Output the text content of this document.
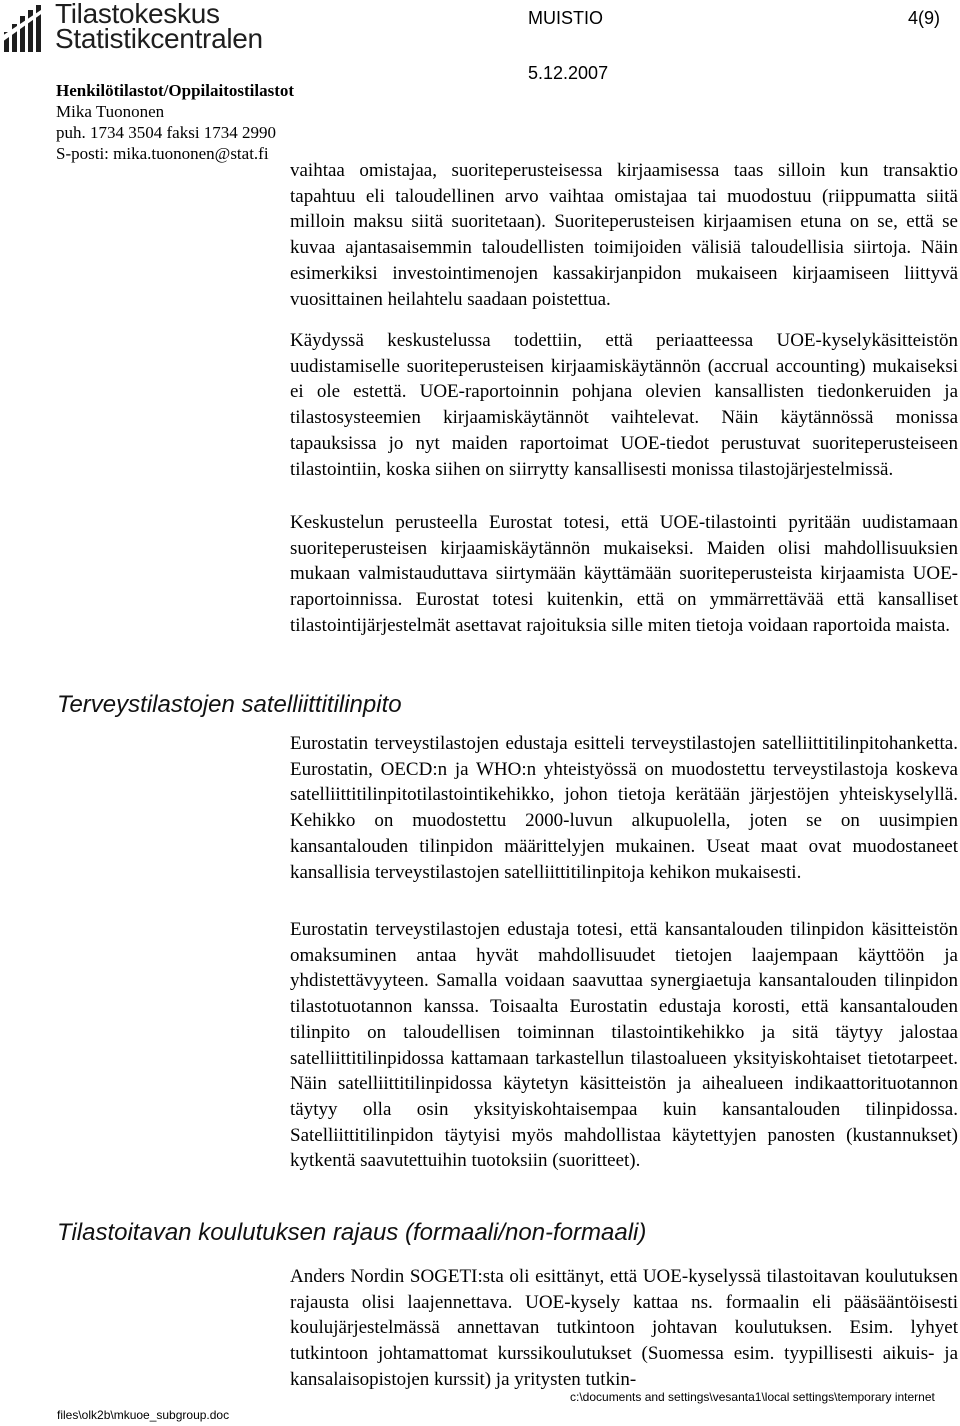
Tilastokeskus
Statistikcentralen
MUISTIO	4(9)
5.12.2007
Henkilötilastot/Oppilaitostilastot
Mika Tuononen
puh. 1734 3504 faksi 1734 2990
S-posti: mika.tuononen@stat.fi

vaihtaa omistajaa, suoriteperusteisessa kirjaamisessa taas silloin kun transaktio tapahtuu eli taloudellinen arvo vaihtaa omistajaa tai muodostuu (riippumatta siitä milloin maksu siitä suoritetaan). Suoriteperusteisen kirjaamisen etuna on se, että se kuvaa ajantasaisemmin taloudellisten toimijoiden välisiä taloudellisia siirtoja. Näin esimerkiksi investointimenojen kassakirjanpidon mukaiseen kirjaamiseen liittyvä vuosittainen heilahtelu saadaan poistettua.

Käydyssä keskustelussa todettiin, että periaatteessa UOE-kyselykäsitteistön uudistamiselle suoriteperusteisen kirjaamiskäytännön (accrual accounting) mukaiseksi ei ole estettä. UOE-raportoinnin pohjana olevien kansallisten tiedonkeruiden ja tilastosysteemien kirjaamiskäytännöt vaihtelevat. Näin käytännössä monissa tapauksissa jo nyt maiden raportoimat UOE-tiedot perustuvat suoriteperusteiseen tilastointiin, koska siihen on siirrytty kansallisesti monissa tilastojärjestelmissä.

Keskustelun perusteella Eurostat totesi, että UOE-tilastointi pyritään uudistamaan suoriteperusteisen kirjaamiskäytännön mukaiseksi. Maiden olisi mahdollisuuksien mukaan valmistauduttava siirtymään käyttämään suoriteperusteista kirjaamista UOE-raportoinnissa. Eurostat totesi kuitenkin, että on ymmärrettävää että kansalliset tilastointijärjestelmät asettavat rajoituksia sille miten tietoja voidaan raportoida maista.

Terveystilastojen satelliittitilinpito

Eurostatin terveystilastojen edustaja esitteli terveystilastojen satelliittitilinpitohanketta. Eurostatin, OECD:n ja WHO:n yhteistyössä on muodostettu terveystilastoja koskeva satelliittitilinpitotilastointikehikko, johon tietoja kerätään järjestöjen yhteiskyselyllä. Kehikko on muodostettu 2000-luvun alkupuolella, joten se on uusimpien kansantalouden tilinpidon määrittelyjen mukainen. Useat maat ovat muodostaneet kansallisia terveystilastojen satelliittitilinpitoja kehikon mukaisesti.

Eurostatin terveystilastojen edustaja totesi, että kansantalouden tilinpidon käsitteistön omaksuminen antaa hyvät mahdollisuudet tietojen laajempaan käyttöön ja yhdistettävyyteen. Samalla voidaan saavuttaa synergiaetuja kansantalouden tilinpidon tilastotuotannon kanssa. Toisaalta Eurostatin edustaja korosti, että kansantalouden tilinpito on taloudellisen toiminnan tilastointikehikko ja sitä täytyy jalostaa satelliittitilinpidossa kattamaan tarkastellun tilastoalueen yksityiskohtaiset tietotarpeet. Näin satelliittitilinpidossa käytetyn käsitteistön ja aihealueen indikaattorituotannon täytyy olla osin yksityiskohtaisempaa kuin kansantalouden tilinpidossa. Satelliittitilinpidon täytyisi myös mahdollistaa käytettyjen panosten (kustannukset) kytkentä saavutettuihin tuotoksiin (suoritteet).

Tilastoitavan koulutuksen rajaus (formaali/non-formaali)

Anders Nordin SOGETI:sta oli esittänyt, että UOE-kyselyssä tilastoitavan koulutuksen rajausta olisi laajennettava. UOE-kysely kattaa ns. formaalin eli pääsääntöisesti koulujärjestelmässä annettavan tutkintoon johtavan koulutuksen. Esim. lyhyet tutkintoon johtamattomat kurssikoulutukset (Suomessa esim. tyypillisesti aikuis- ja kansalaisopistojen kurssit) ja yritysten tutkin-

c:\documents and settings\vesanta1\local settings\temporary internet
files\olk2b\mkuoe_subgroup.doc
